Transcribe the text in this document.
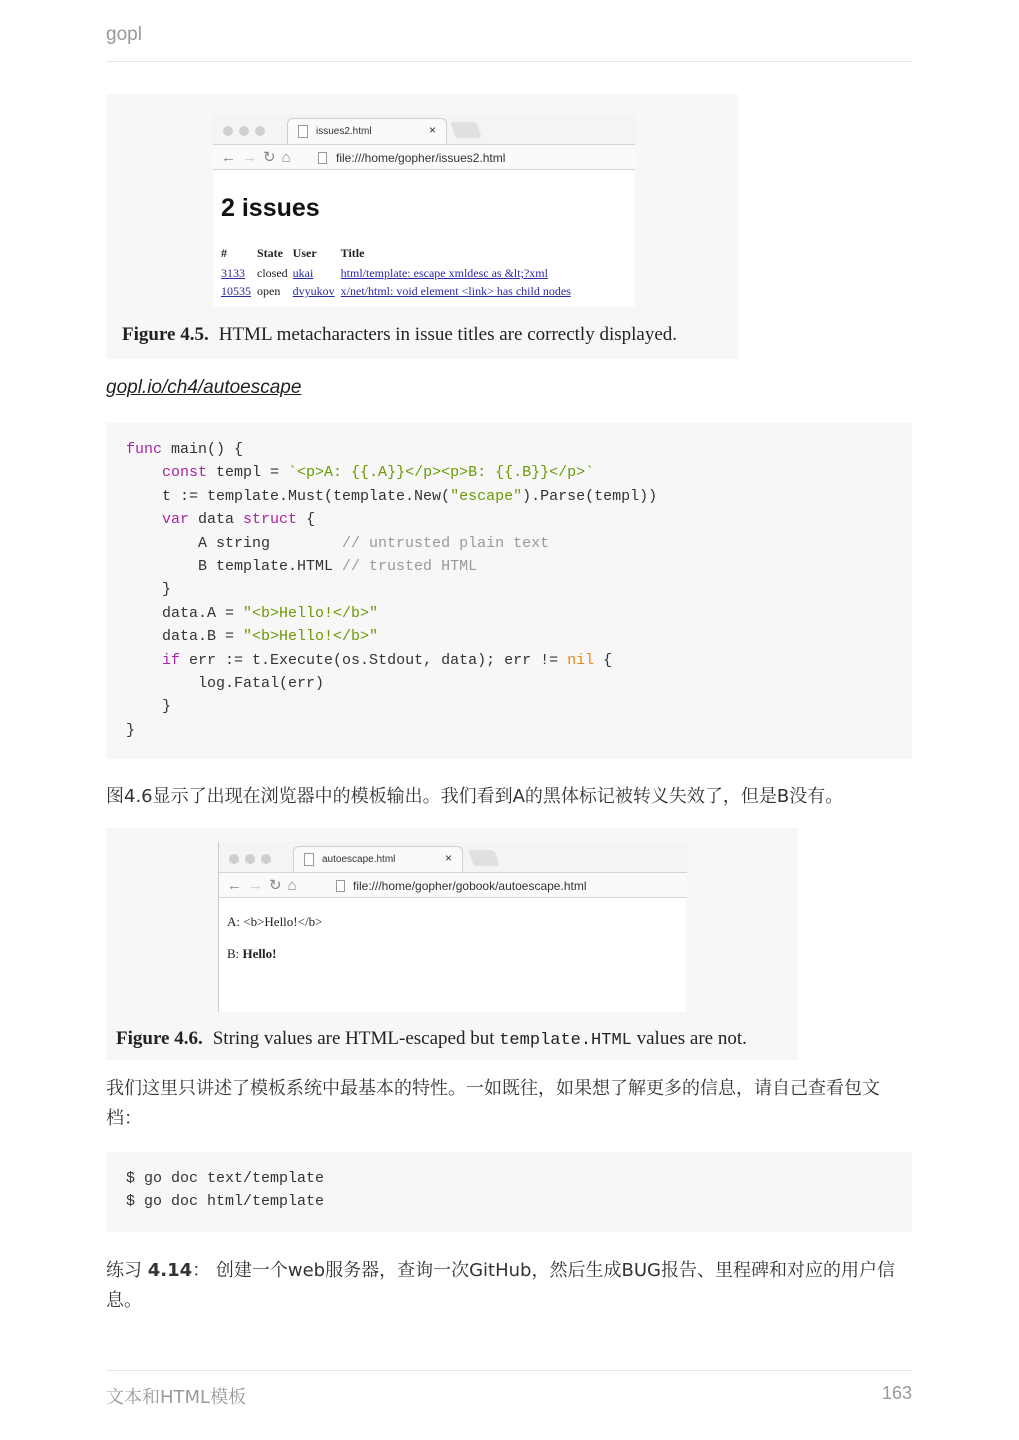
gopl
issues2.html	×
←→↻⌂	file:///home/gopher/issues2.html
2 issues
#	State	User	Title
3133	closed	ukai	html/template: escape xmldesc as &lt;?xml
10535	open	dvyukov	x/net/html: void element <link> has child nodes
Figure 4.5. HTML metacharacters in issue titles are correctly displayed.
gopl.io/ch4/autoescape
func main() {
const templ = `<p>A: {{.A}}</p><p>B: {{.B}}</p>`
t := template.Must(template.New("escape").Parse(templ))
var data struct {
A string        // untrusted plain text
B template.HTML // trusted HTML
}
data.A = "<b>Hello!</b>"
data.B = "<b>Hello!</b>"
if err := t.Execute(os.Stdout, data); err != nil {
log.Fatal(err)
}
}
图4.6显示了出现在浏览器中的模板输出。我们看到A的黑体标记被转义失效了，但是B没有。
autoescape.html	×
←→↻⌂	file:///home/gopher/gobook/autoescape.html
A: <b>Hello!</b>
B: Hello!
Figure 4.6. String values are HTML-escaped but template.HTML values are not.
我们这里只讲述了模板系统中最基本的特性。一如既往，如果想了解更多的信息，请自己查看包文档：
$ go doc text/template
$ go doc html/template
练习 4.14： 创建一个web服务器，查询一次GitHub，然后生成BUG报告、里程碑和对应的用户信息。
文本和HTML模板	163
